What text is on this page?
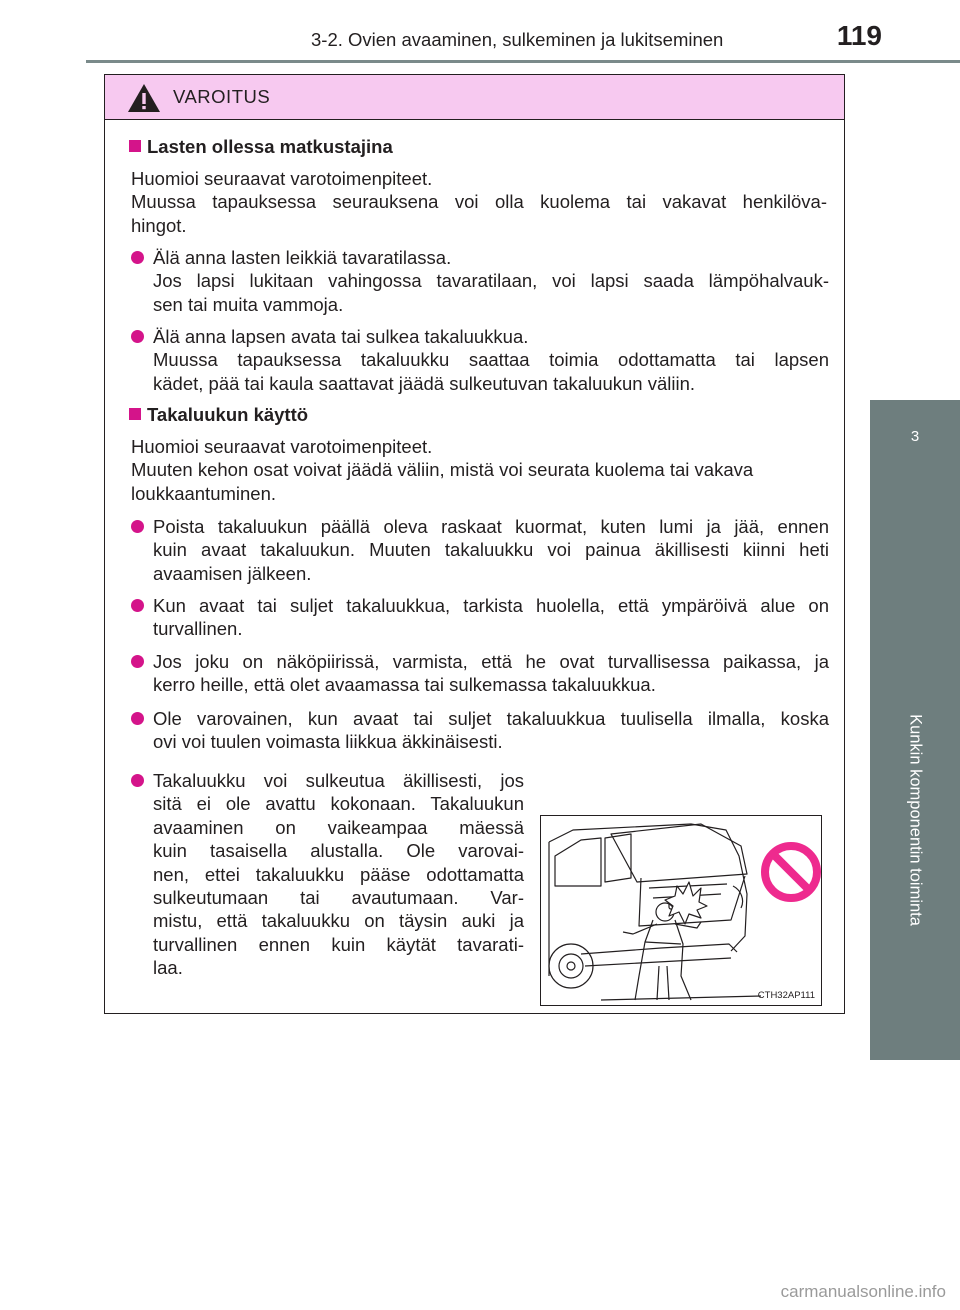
3-2. Ovien avaaminen, sulkeminen ja lukitseminen	119
3
Kunkin komponentin toiminta
VAROITUS
Lasten ollessa matkustajina
Huomioi seuraavat varotoimenpiteet.
Muussa tapauksessa seurauksena voi olla kuolema tai vakavat henkilöva-
hingot.
Älä anna lasten leikkiä tavaratilassa.
Jos lapsi lukitaan vahingossa tavaratilaan, voi lapsi saada lämpöhalvauk-
sen tai muita vammoja.
Älä anna lapsen avata tai sulkea takaluukkua.
Muussa tapauksessa takaluukku saattaa toimia odottamatta tai lapsen
kädet, pää tai kaula saattavat jäädä sulkeutuvan takaluukun väliin.
Takaluukun käyttö
Huomioi seuraavat varotoimenpiteet.
Muuten kehon osat voivat jäädä väliin, mistä voi seurata kuolema tai vakava
loukkaantuminen.
Poista takaluukun päällä oleva raskaat kuormat, kuten lumi ja jää, ennen
kuin avaat takaluukun. Muuten takaluukku voi painua äkillisesti kiinni heti
avaamisen jälkeen.
Kun avaat tai suljet takaluukkua, tarkista huolella, että ympäröivä alue on
turvallinen.
Jos joku on näköpiirissä, varmista, että he ovat turvallisessa paikassa, ja
kerro heille, että olet avaamassa tai sulkemassa takaluukkua.
Ole varovainen, kun avaat tai suljet takaluukkua tuulisella ilmalla, koska
ovi voi tuulen voimasta liikkua äkkinäisesti.
Takaluukku voi sulkeutua äkillisesti, jos
sitä ei ole avattu kokonaan. Takaluukun
avaaminen on vaikeampaa mäessä
kuin tasaisella alustalla. Ole varovai-
nen, ettei takaluukku pääse odottamatta
sulkeutumaan tai avautumaan. Var-
mistu, että takaluukku on täysin auki ja
turvallinen ennen kuin käytät tavarati-
laa.
CTH32AP111
carmanualsonline.info
